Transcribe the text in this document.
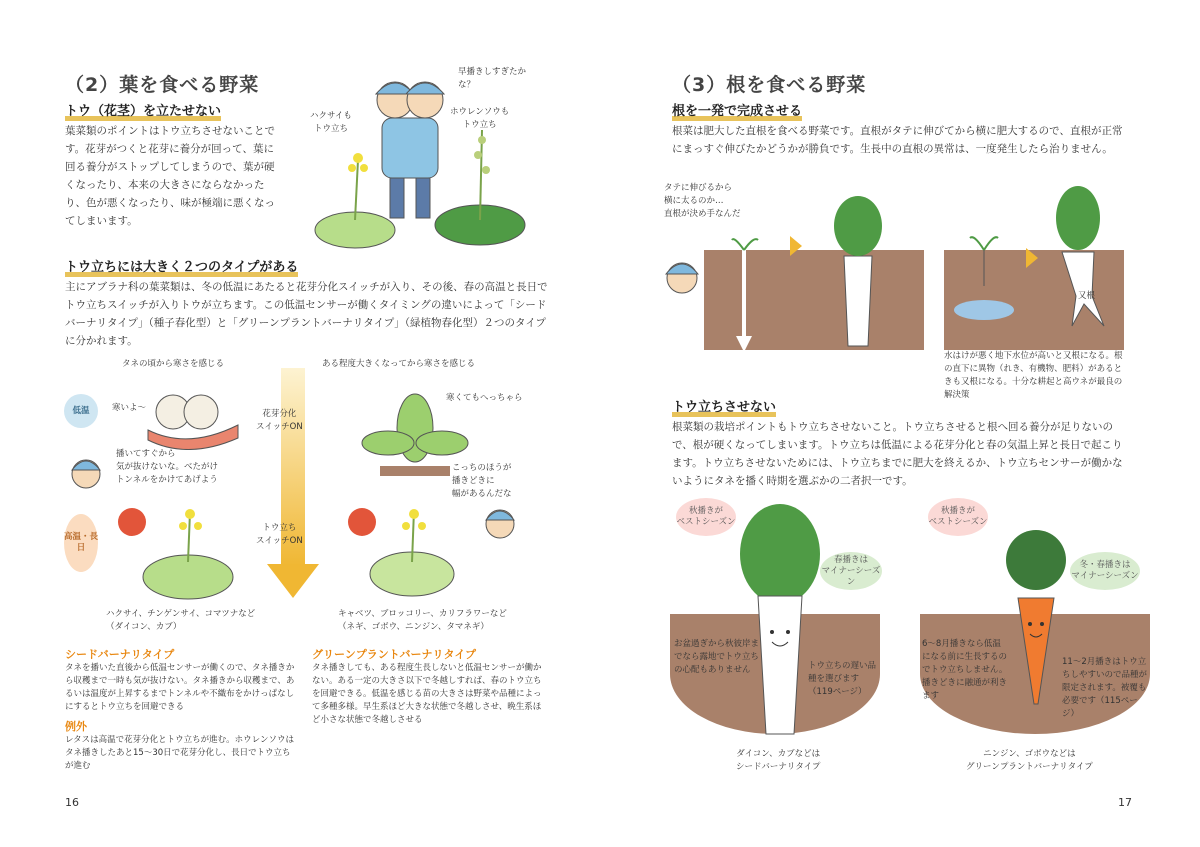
（2）葉を食べる野菜
トウ（花茎）を立たせない
葉菜類のポイントはトウ立ちさせないことです。花芽がつくと花芽に養分が回って、葉に回る養分がストップしてしまうので、葉が硬くなったり、本来の大きさにならなかったり、色が悪くなったり、味が極端に悪くなってしまいます。
早播きしすぎたかな？
ハクサイも
トウ立ち
ホウレンソウも
トウ立ち
トウ立ちには大きく２つのタイプがある
主にアブラナ科の葉菜類は、冬の低温にあたると花芽分化スイッチが入り、その後、春の高温と長日でトウ立ちスイッチが入りトウが立ちます。この低温センサーが働くタイミングの違いによって「シードバーナリタイプ」（種子春化型）と「グリーンプラントバーナリタイプ」（緑植物春化型）２つのタイプに分かれます。
タネの頃から寒さを感じる	ある程度大きくなってから寒さを感じる
低温
高温・長日
花芽分化
スイッチON
トウ立ち
スイッチON
寒いよ～
播いてすぐから
気が抜けないな。べたがけ
トンネルをかけてあげよう
寒くてもへっちゃら
こっちのほうが
播きどきに
幅があるんだな
ハクサイ、チンゲンサイ、コマツナなど
（ダイコン、カブ）
キャベツ、ブロッコリー、カリフラワーなど
（ネギ、ゴボウ、ニンジン、タマネギ）
シードバーナリタイプ
タネを播いた直後から低温センサーが働くので、タネ播きから収穫まで一時も気が抜けない。タネ播きから収穫まで、あるいは温度が上昇するまでトンネルや不織布をかけっぱなしにするとトウ立ちを回避できる
例外
レタスは高温で花芽分化とトウ立ちが進む。ホウレンソウはタネ播きしたあと15～30日で花芽分化し、長日でトウ立ちが進む
グリーンプラントバーナリタイプ
タネ播きしても、ある程度生長しないと低温センサーが働かない。ある一定の大きさ以下で冬越しすれば、春のトウ立ちを回避できる。低温を感じる苗の大きさは野菜や品種によって多種多様。早生系ほど大きな状態で冬越しさせ、晩生系ほど小さな状態で冬越しさせる
16
（3）根を食べる野菜
根を一発で完成させる
根菜は肥大した直根を食べる野菜です。直根がタテに伸びてから横に肥大するので、直根が正常にまっすぐ伸びたかどうかが勝負です。生長中の直根の異常は、一度発生したら治りません。
タテに伸びるから
横に太るのか…
直根が決め手なんだ
又根
水はけが悪く地下水位が高いと又根になる。根の直下に異物（れき、有機物、肥料）があるときも又根になる。十分な耕起と高ウネが最良の解決策
トウ立ちさせない
根菜類の栽培ポイントもトウ立ちさせないこと。トウ立ちさせると根へ回る養分が足りないので、根が硬くなってしまいます。トウ立ちは低温による花芽分化と春の気温上昇と長日で起こります。トウ立ちさせないためには、トウ立ちまでに肥大を終えるか、トウ立ちセンサーが働かないようにタネを播く時期を選ぶかの二者択一です。
秋播きが
ベストシーズン
春播きは
マイナーシーズン
お盆過ぎから秋彼岸までなら露地でトウ立ちの心配もありません	トウ立ちの遅い品種を選びます（119ページ）
ダイコン、カブなどは
シードバーナリタイプ
秋播きが
ベストシーズン
冬・春播きは
マイナーシーズン
6～8月播きなら低温になる前に生長するのでトウ立ちしません。播きどきに融通が利きます
11～2月播きはトウ立ちしやすいので品種が限定されます。被覆も必要です（115ページ）
ニンジン、ゴボウなどは
グリーンプラントバーナリタイプ
17
